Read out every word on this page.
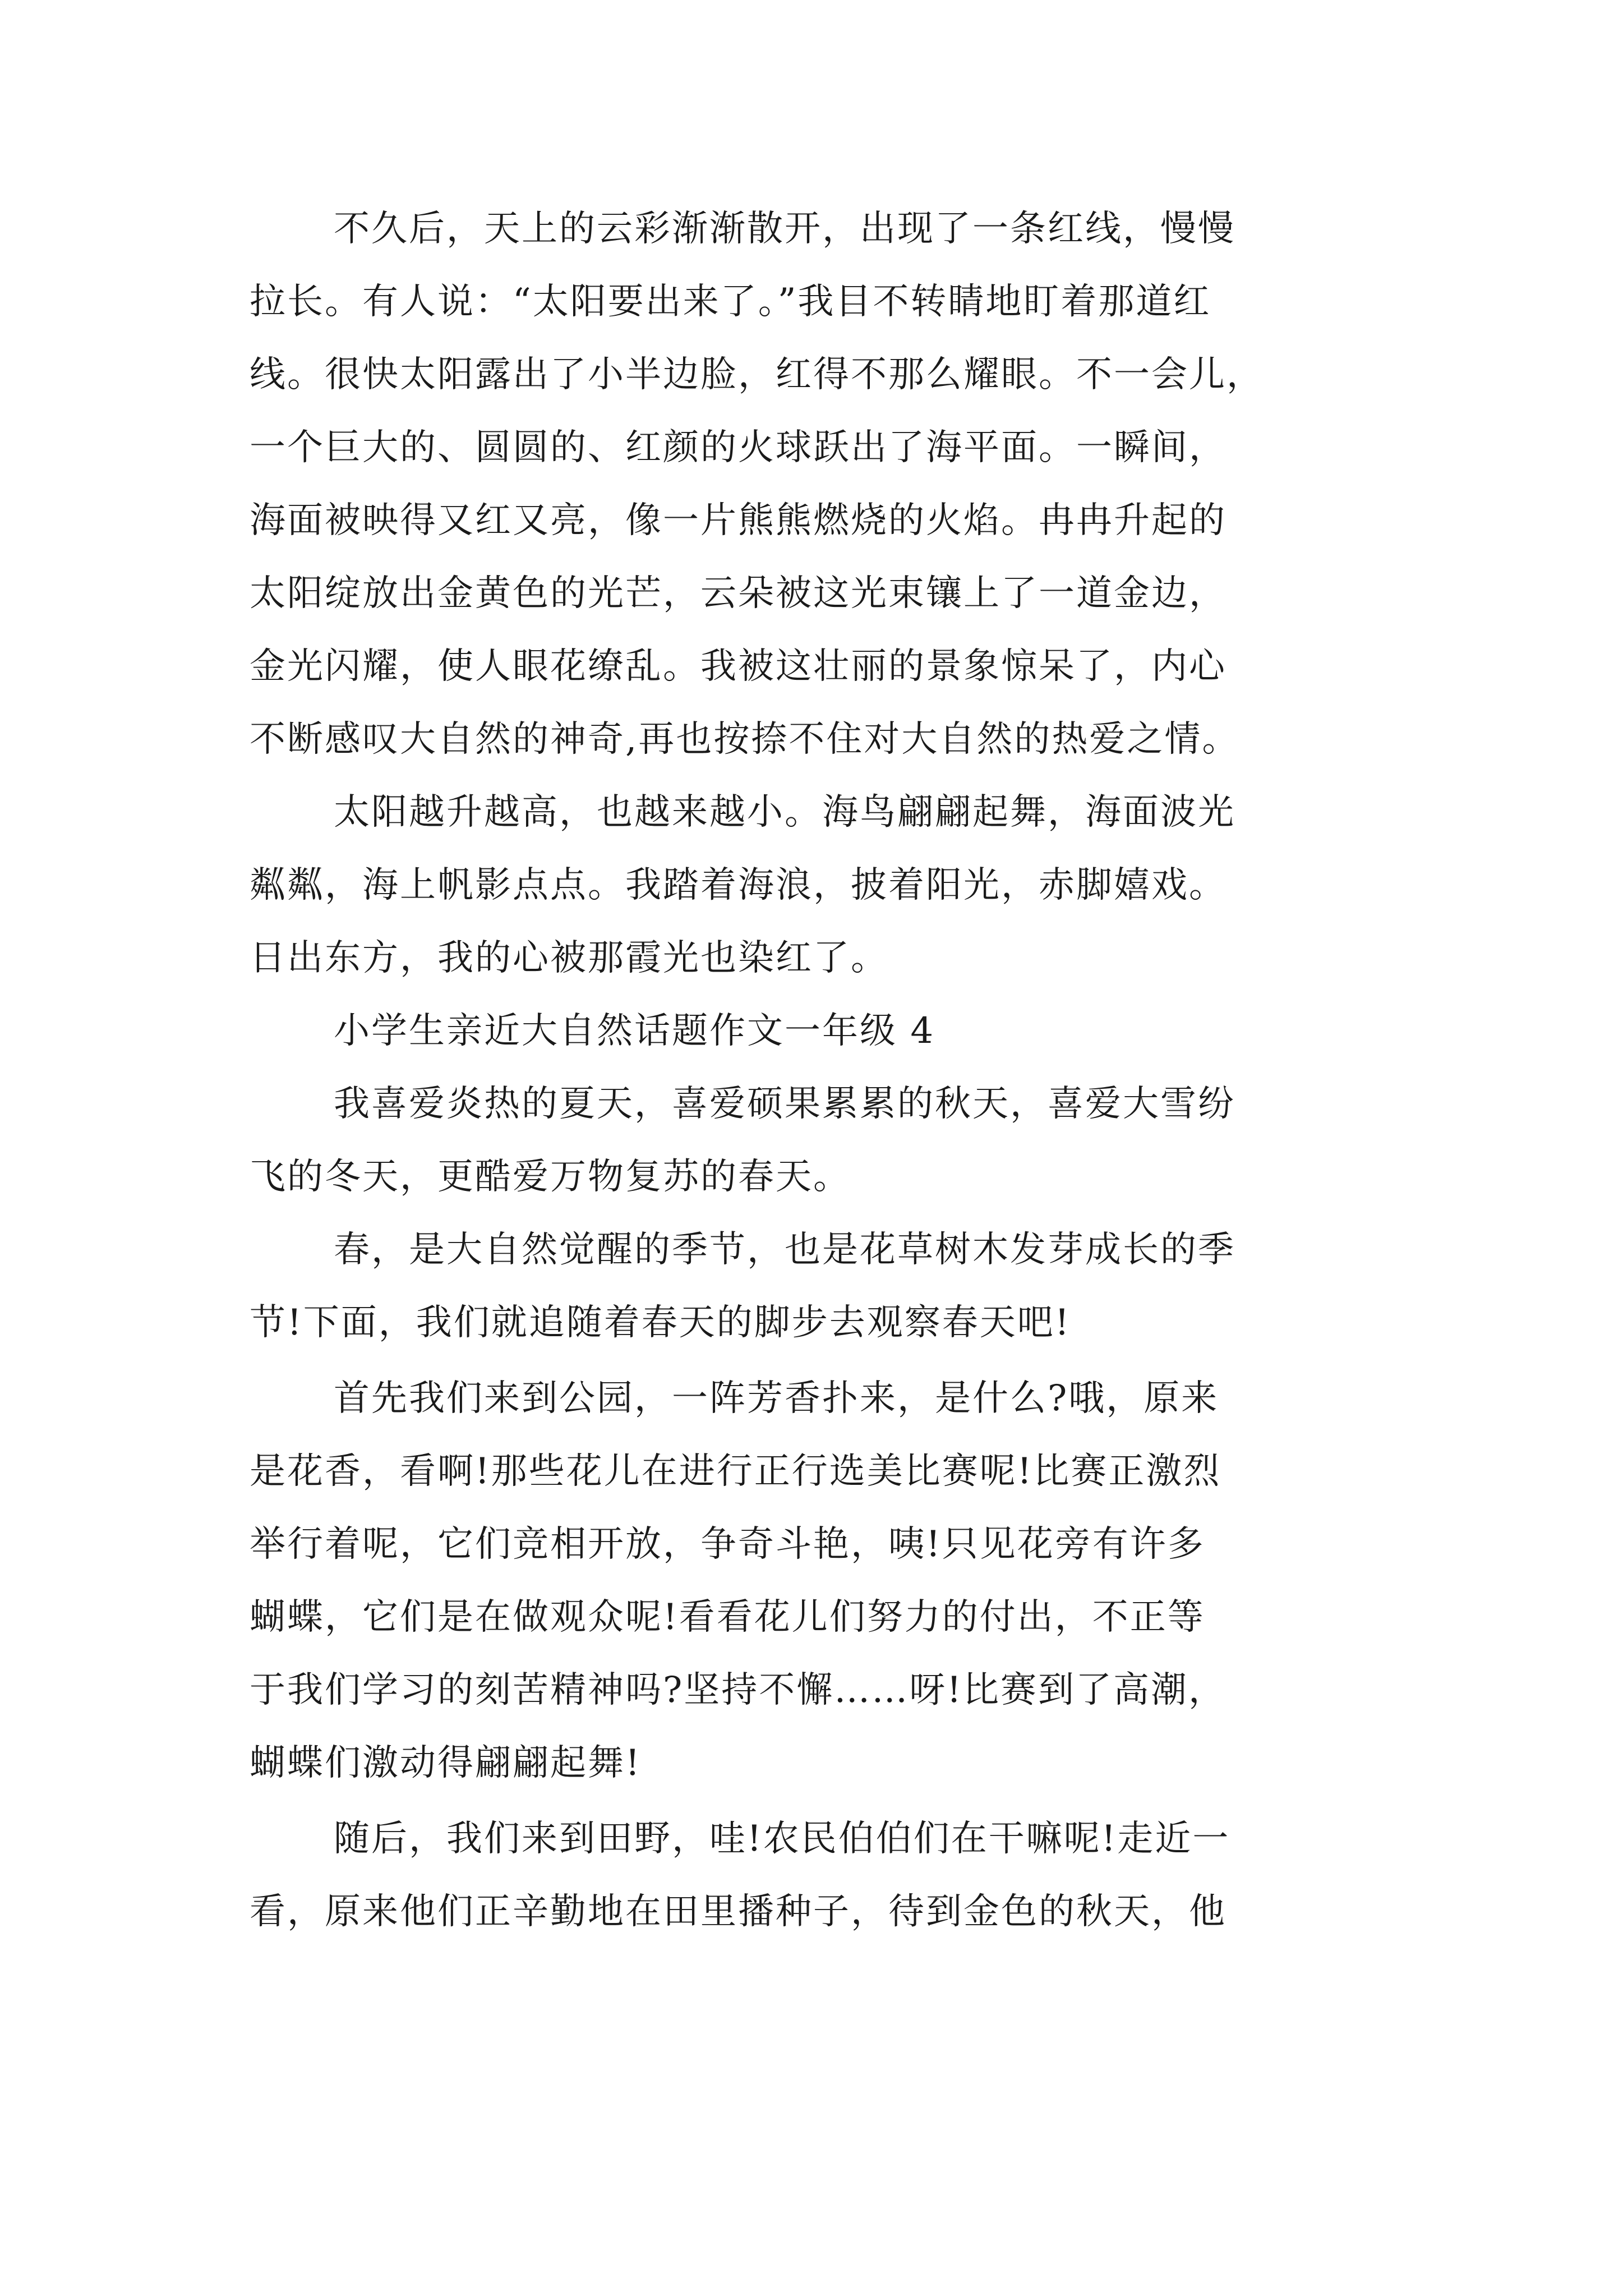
不久后，天上的云彩渐渐散开，出现了一条红线，慢慢
拉长。有人说：“太阳要出来了。”我目不转睛地盯着那道红
线。很快太阳露出了小半边脸，红得不那么耀眼。不一会儿，
一个巨大的、圆圆的、红颜的火球跃出了海平面。一瞬间，
海面被映得又红又亮，像一片熊熊燃烧的火焰。冉冉升起的
太阳绽放出金黄色的光芒，云朵被这光束镶上了一道金边，
金光闪耀，使人眼花缭乱。我被这壮丽的景象惊呆了，内心
不断感叹大自然的神奇,再也按捺不住对大自然的热爱之情。
太阳越升越高，也越来越小。海鸟翩翩起舞，海面波光
粼粼，海上帆影点点。我踏着海浪，披着阳光，赤脚嬉戏。
日出东方，我的心被那霞光也染红了。
小学生亲近大自然话题作文一年级 4
我喜爱炎热的夏天，喜爱硕果累累的秋天，喜爱大雪纷
飞的冬天，更酷爱万物复苏的春天。
春，是大自然觉醒的季节，也是花草树木发芽成长的季
节!下面，我们就追随着春天的脚步去观察春天吧!
首先我们来到公园，一阵芳香扑来，是什么?哦，原来
是花香，看啊!那些花儿在进行正行选美比赛呢!比赛正激烈
举行着呢，它们竞相开放，争奇斗艳，咦!只见花旁有许多
蝴蝶，它们是在做观众呢!看看花儿们努力的付出，不正等
于我们学习的刻苦精神吗?坚持不懈……呀!比赛到了高潮，
蝴蝶们激动得翩翩起舞!
随后，我们来到田野，哇!农民伯伯们在干嘛呢!走近一
看，原来他们正辛勤地在田里播种子，待到金色的秋天，他
